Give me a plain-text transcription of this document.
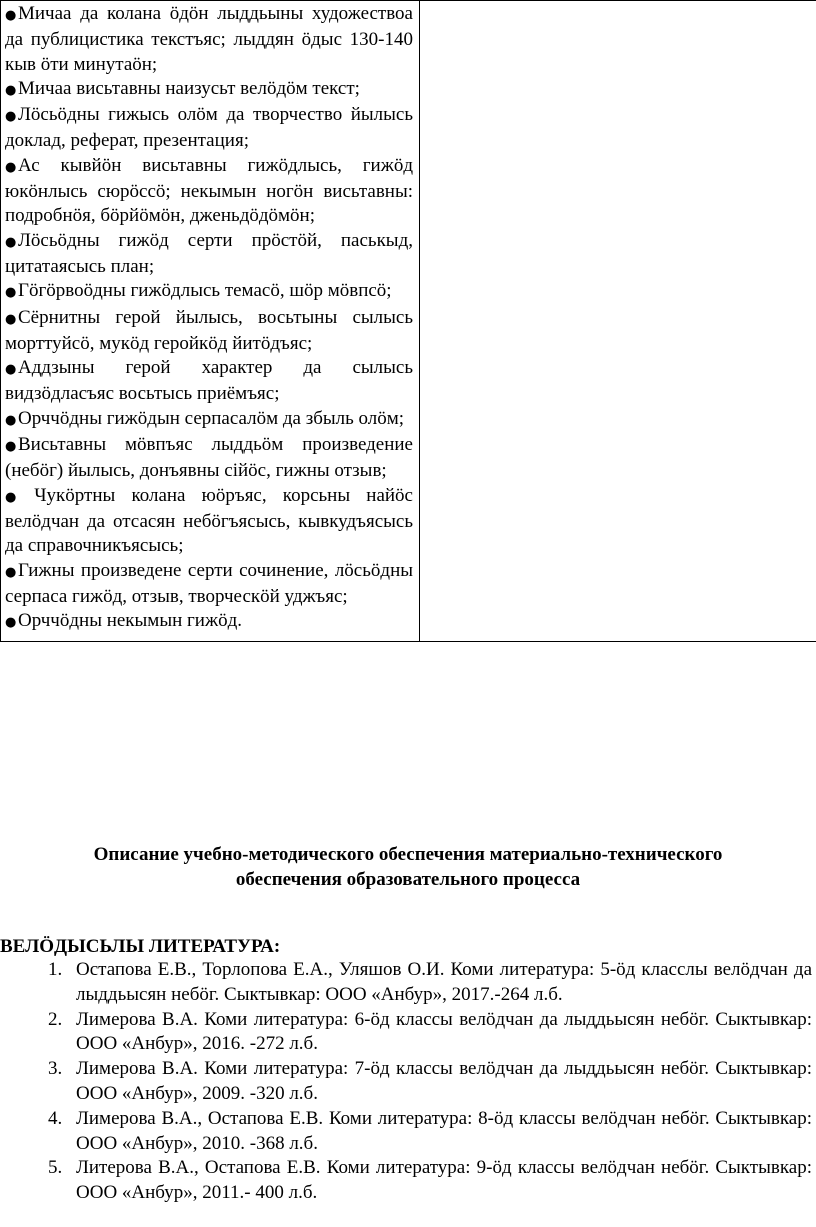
●Мичаа да колана ӧдӧн лыддьыны художествоа да публицистика текстъяс; лыддян ӧдыс 130-140 кыв ӧти минутаӧн;
●Мичаа висьтавны наизусьт велӧдӧм текст;
●Лӧсьӧдны гижысь олӧм да творчество йылысь доклад, реферат, презентация;
●Ас кывйӧн висьтавны гижӧдлысь, гижӧд юкӧнлысь сюрӧссӧ; некымын ногӧн висьтавны: подробнӧя, бӧрйӧмӧн, дженьдӧдӧмӧн;
●Лӧсьӧдны гижӧд серти прӧстӧй, паськыд, цитатаясысь план;
●Гӧгӧрвоӧдны гижӧдлысь темасӧ, шӧр мӧвпсӧ;
●Сёрнитны герой йылысь, восьтыны сылысь морттуйсӧ, мукӧд геройкӧд йитӧдъяс;
●Аддзыны герой характер да сылысь видзӧдласъяс восьтысь приёмъяс;
●Орччӧдны гижӧдын серпасалӧм да збыль олӧм;
●Висьтавны мӧвпъяс лыддьӧм произведение (небӧг) йылысь, донъявны сійӧс, гижны отзыв;
● Чукӧртны колана юӧръяс, корсьны найӧс велӧдчан да отсасян небӧгъясысь, кывкудъясысь да справочникъясысь;
●Гижны произведене серти сочинение, лӧсьӧдны серпаса гижӧд, отзыв, творческӧй уджъяс;
●Орччӧдны некымын гижӧд.

Описание учебно-методического обеспечения материально-технического
обеспечения образовательного процесса
ВЕЛӦДЫСЬЛЫ ЛИТЕРАТУРА:
1. Остапова Е.В., Торлопова Е.А., Уляшов О.И. Коми литература: 5-ӧд класслы велӧдчан да лыддьысян небӧг. Сыктывкар: ООО «Анбур», 2017.-264 л.б.
2. Лимерова В.А. Коми литература: 6-ӧд классы велӧдчан да лыддьысян небӧг. Сыктывкар: ООО «Анбур», 2016. -272 л.б.
3. Лимерова В.А. Коми литература: 7-ӧд классы велӧдчан да лыддьысян небӧг. Сыктывкар: ООО «Анбур», 2009. -320 л.б.
4. Лимерова В.А., Остапова Е.В. Коми литература: 8-ӧд классы велӧдчан небӧг. Сыктывкар: ООО «Анбур», 2010. -368 л.б.
5. Литерова В.А., Остапова Е.В. Коми литература: 9-ӧд классы велӧдчан небӧг. Сыктывкар: ООО «Анбур», 2011.- 400 л.б.
